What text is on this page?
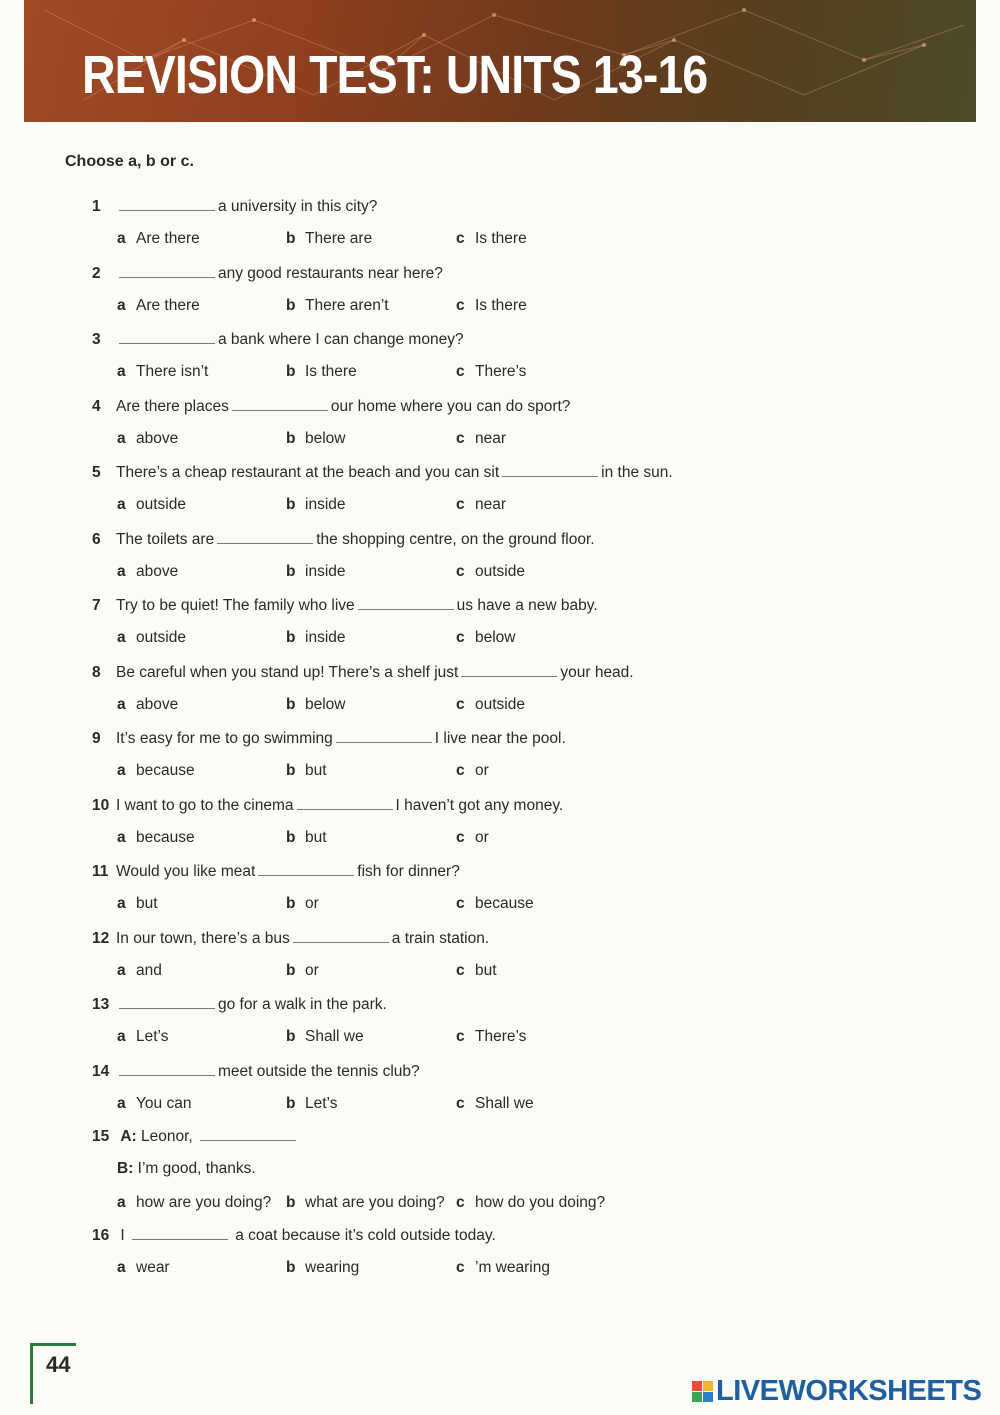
REVISION TEST: UNITS 13-16
Choose a, b or c.
1	a university in this city?
a Are there	b There are	c Is there
2	any good restaurants near here?
a Are there	b There aren’t	c Is there
3	a bank where I can change money?
a There isn’t	b Is there	c There’s
4 Are there places	our home where you can do sport?
a above	b below	c near
5 There’s a cheap restaurant at the beach and you can sit	in the sun.
a outside	b inside	c near
6 The toilets are	the shopping centre, on the ground floor.
a above	b inside	c outside
7 Try to be quiet! The family who live	us have a new baby.
a outside	b inside	c below
8 Be careful when you stand up! There’s a shelf just	your head.
a above	b below	c outside
9 It’s easy for me to go swimming	I live near the pool.
a because	b but	c or
10 I want to go to the cinema	I haven’t got any money.
a because	b but	c or
11 Would you like meat	fish for dinner?
a but	b or	c because
12 In our town, there’s a bus	a train station.
a and	b or	c but
13	go for a walk in the park.
a Let’s	b Shall we	c There’s
14	meet outside the tennis club?
a You can	b Let’s	c Shall we
15 A: Leonor,
B: I’m good, thanks.
a how are you doing? b what are you doing? c how do you doing?
16 I	a coat because it’s cold outside today.
a wear	b wearing	c ’m wearing
44
LIVEWORKSHEETS
